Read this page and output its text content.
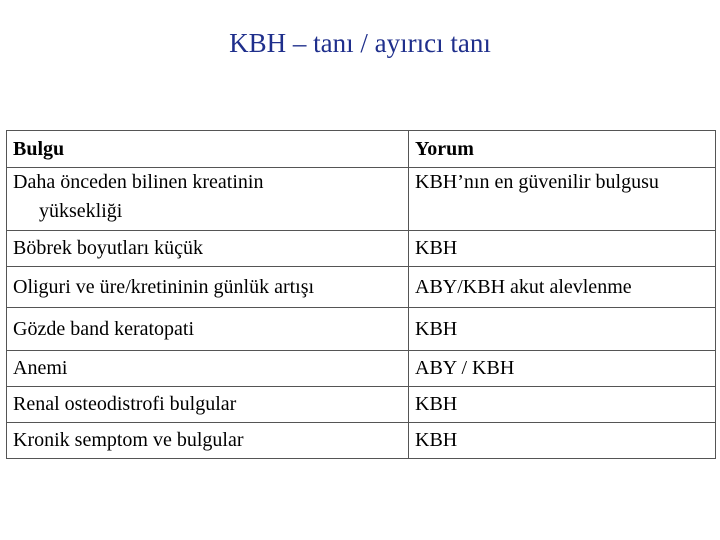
KBH – tanı / ayırıcı tanı
Bulgu	Yorum

Daha önceden bilinen kreatinin
yüksekliği	KBH’nın en güvenilir bulgusu
Böbrek boyutları küçük	KBH
Oliguri ve üre/kretininin günlük artışı	ABY/KBH akut alevlenme
Gözde band keratopati	KBH
Anemi	ABY / KBH
Renal osteodistrofi bulgular	KBH
Kronik semptom ve bulgular	KBH
